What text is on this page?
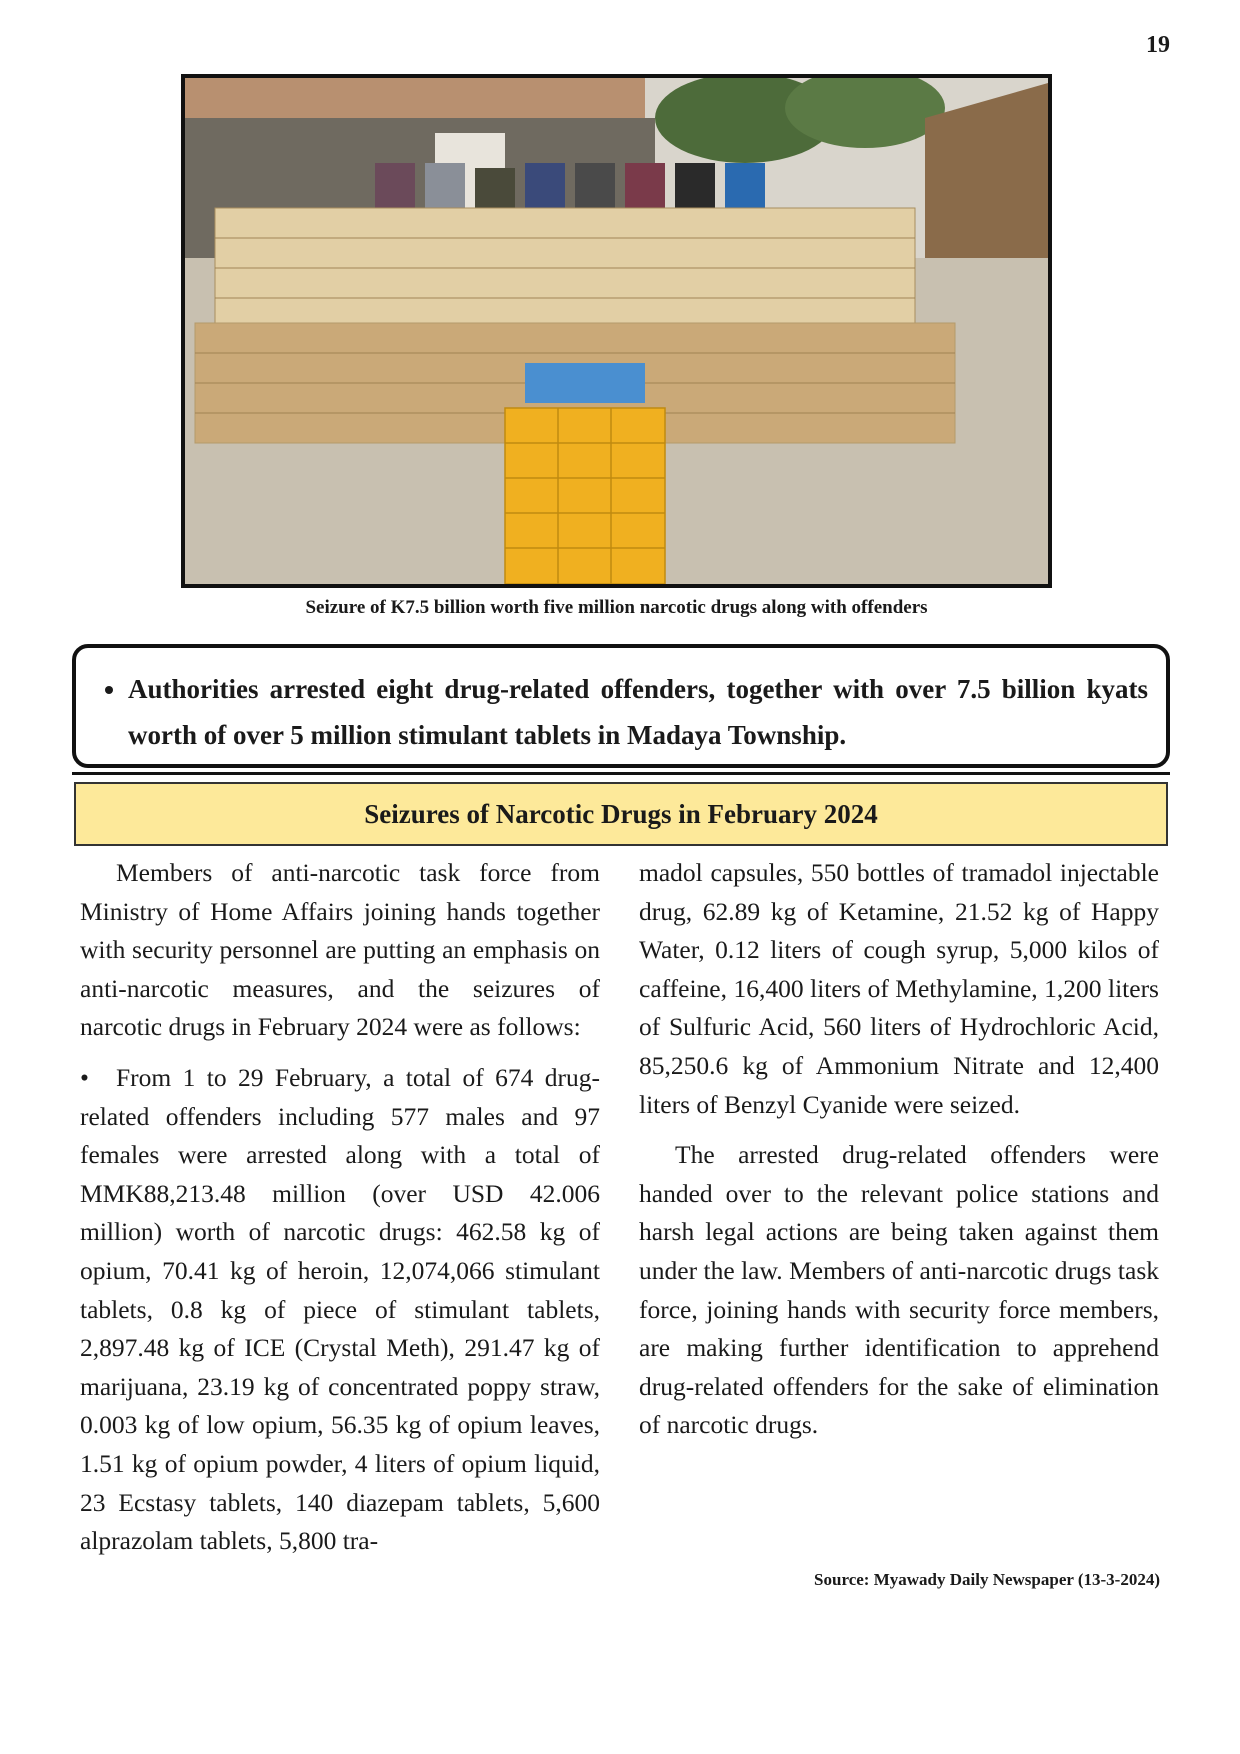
19
Seizure of K7.5 billion worth five million narcotic drugs along with offenders
• Authorities arrested eight drug-related offenders, together with over 7.5 billion kyats worth of over 5 million stimulant tablets in Madaya Township.
Seizures of Narcotic Drugs in February 2024

Members of anti-narcotic task force from Ministry of Home Affairs joining hands together with security personnel are putting an emphasis on anti-narcotic measures, and the seizures of narcotic drugs in February 2024 were as follows:

• From 1 to 29 February, a total of 674 drug-related offenders including 577 males and 97 females were arrested along with a total of MMK88,213.48 million (over USD 42.006 million) worth of narcotic drugs: 462.58 kg of opium, 70.41 kg of heroin, 12,074,066 stimulant tablets, 0.8 kg of piece of stimulant tablets, 2,897.48 kg of ICE (Crystal Meth), 291.47 kg of marijuana, 23.19 kg of concentrated poppy straw, 0.003 kg of low opium, 56.35 kg of opium leaves, 1.51 kg of opium powder, 4 liters of opium liquid, 23 Ecstasy tablets, 140 diazepam tablets, 5,600 alprazolam tablets, 5,800 tra-

madol capsules, 550 bottles of tramadol injectable drug, 62.89 kg of Ketamine, 21.52 kg of Happy Water, 0.12 liters of cough syrup, 5,000 kilos of caffeine, 16,400 liters of Methylamine, 1,200 liters of Sulfuric Acid, 560 liters of Hydrochloric Acid, 85,250.6 kg of Ammonium Nitrate and 12,400 liters of Benzyl Cyanide were seized.

The arrested drug-related offenders were handed over to the relevant police stations and harsh legal actions are being taken against them under the law. Members of anti-narcotic drugs task force, joining hands with security force members, are making further identification to apprehend drug-related offenders for the sake of elimination of narcotic drugs.

Source: Myawady Daily Newspaper (13-3-2024)
